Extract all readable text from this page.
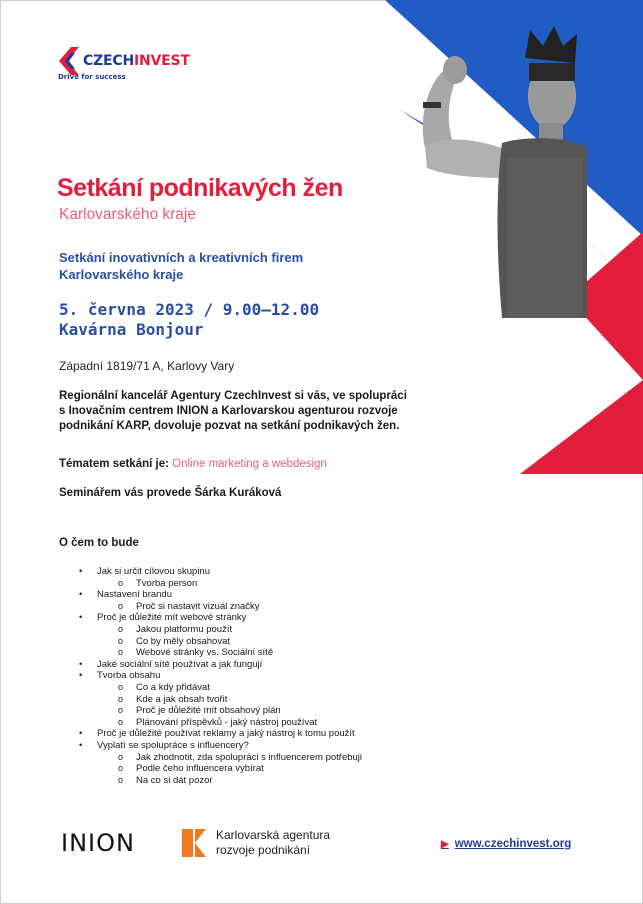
CZECHINVEST
Drive for success
Setkání podnikavých žen
Karlovarského kraje
Setkání inovativních a kreativních firem Karlovarského kraje
5. června 2023 / 9.00–12.00
Kavárna Bonjour
Západní 1819/71 A, Karlovy Vary
Regionální kancelář Agentury CzechInvest si vás, ve spolupráci s Inovačním centrem INION a Karlovarskou agenturou rozvoje podnikání KARP, dovoluje pozvat na setkání podnikavých žen.
Tématem setkání je: Online marketing a webdesign
Seminářem vás provede Šárka Kuráková
O čem to bude
• Jak si určit cílovou skupinu
o Tvorba person
• Nastavení brandu
o Proč si nastavit vizuál značky
• Proč je důležité mít webové stránky
o Jakou platformu použít
o Co by měly obsahovat
o Webové stránky vs. Sociální sítě
• Jaké sociální sítě používat a jak fungují
• Tvorba obsahu
o Co a kdy přidávat
o Kde a jak obsah tvořit
o Proč je důležité mít obsahový plán
o Plánování příspěvků - jaký nástroj používat
• Proč je důležité používat reklamy a jaký nástroj k tomu použít
• Vyplatí se spolupráce s influencery?
o Jak zhodnotit, zda spolupráci s influencerem potřebuji
o Podle čeho influencera vybírat
o Na co si dát pozor
INION	Karlovarská agentura
rozvoje podnikání	▶ www.czechinvest.org
